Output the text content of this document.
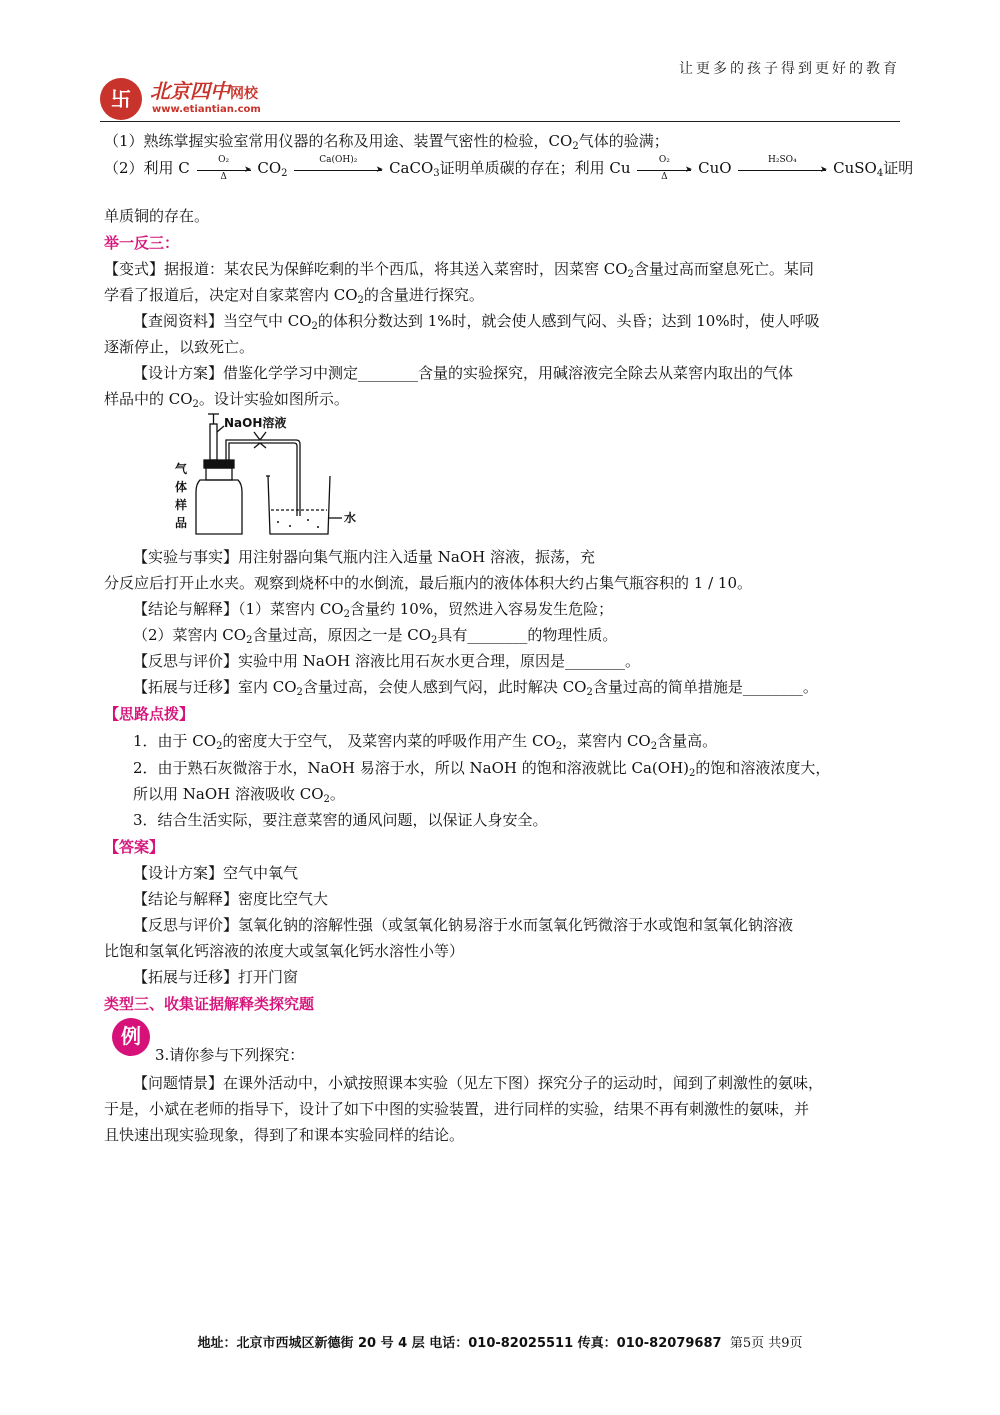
卐 北京四中网校
www.etiantian.com
让更多的孩子得到更好的教育
（1）熟练掌握实验室常用仪器的名称及用途、装置气密性的检验，$CO_2$气体的验满；
（2）利用 C	O₂
➤
Δ	$CO_2$
Ca(OH)₂
➤ CaCO$_3$证明单质碳的存在；利用 Cu	O₂
➤
Δ	CuO	H₂SO₄
➤ CuSO$_4$证明
单质铜的存在。
举一反三：
【变式】据报道：某农民为保鲜吃剩的半个西瓜，将其送入菜窖时，因菜窖 $CO_2$含量过高而窒息死亡。某同
学看了报道后，决定对自家菜窖内 $CO_2$的含量进行探究。
【查阅资料】当空气中 $CO_2$的体积分数达到 1%时，就会使人感到气闷、头昏；达到 10%时，使人呼吸
逐渐停止，以致死亡。
【设计方案】借鉴化学学习中测定________含量的实验探究，用碱溶液完全除去从菜窖内取出的气体
样品中的 $CO_2$。设计实验如图所示。
NaOH溶液
气
体
样
品	水
【实验与事实】用注射器向集气瓶内注入适量 NaOH 溶液，振荡，充
分反应后打开止水夹。观察到烧杯中的水倒流，最后瓶内的液体体积大约占集气瓶容积的 1 / 10。
【结论与解释】（1）菜窖内 $CO_2$含量约 10%，贸然进入容易发生危险；
（2）菜窖内 $CO_2$含量过高，原因之一是 $CO_2$具有________的物理性质。
【反思与评价】实验中用 NaOH 溶液比用石灰水更合理，原因是________。
【拓展与迁移】室内 $CO_2$含量过高，会使人感到气闷，此时解决 $CO_2$含量过高的简单措施是________。
【思路点拨】
1．由于 $CO_2$的密度大于空气， 及菜窖内菜的呼吸作用产生 $CO_2$，菜窖内 $CO_2$含量高。
2．由于熟石灰微溶于水，NaOH 易溶于水，所以 NaOH 的饱和溶液就比 $Ca(OH)_2$的饱和溶液浓度大，
所以用 NaOH 溶液吸收 $CO_2$。
3．结合生活实际，要注意菜窖的通风问题，以保证人身安全。
【答案】
【设计方案】空气中氧气
【结论与解释】密度比空气大
【反思与评价】氢氧化钠的溶解性强（或氢氧化钠易溶于水而氢氧化钙微溶于水或饱和氢氧化钠溶液
比饱和氢氧化钙溶液的浓度大或氢氧化钙水溶性小等）
【拓展与迁移】打开门窗
类型三、收集证据解释类探究题
例
3.请你参与下列探究：
【问题情景】在课外活动中，小斌按照课本实验（见左下图）探究分子的运动时，闻到了刺激性的氨味，
于是，小斌在老师的指导下，设计了如下中图的实验装置，进行同样的实验，结果不再有刺激性的氨味，并
且快速出现实验现象，得到了和课本实验同样的结论。
地址：北京市西城区新德街 20 号 4 层 电话：010-82025511 传真：010-82079687 第5页 共9页
